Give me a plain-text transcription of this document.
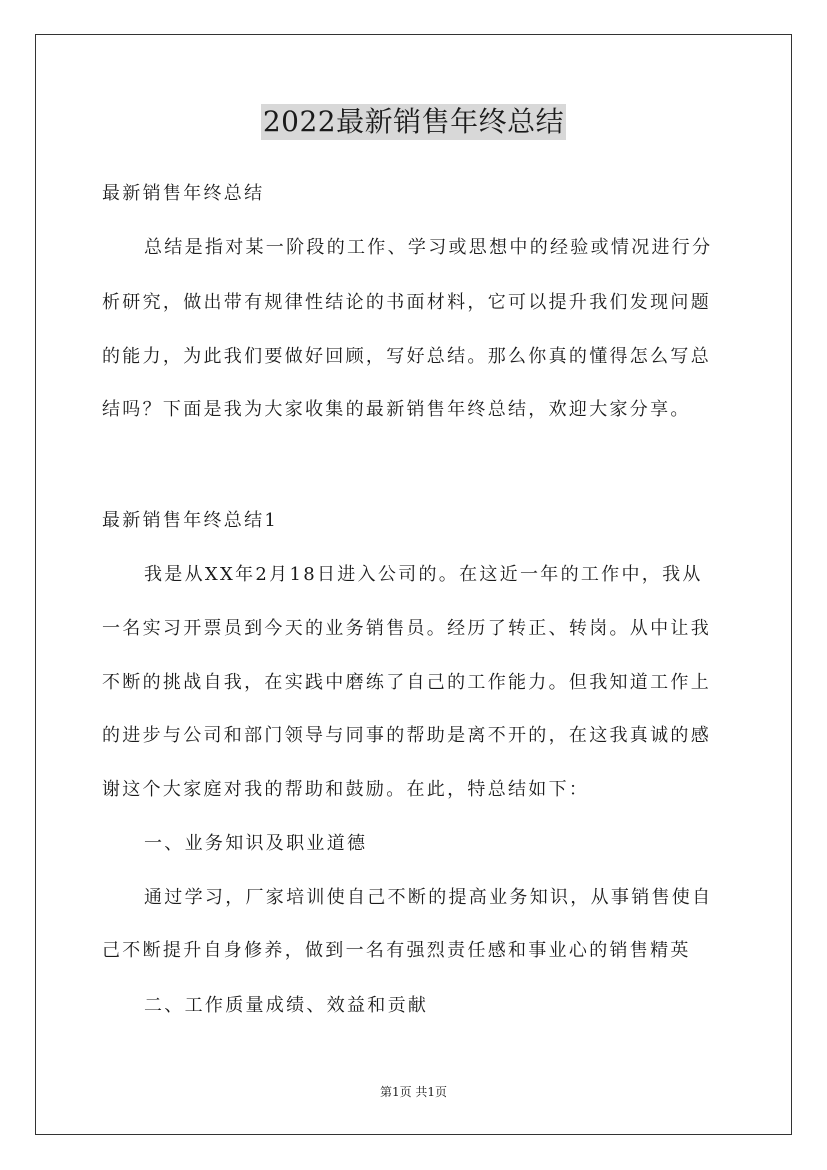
2022最新销售年终总结
最新销售年终总结
总结是指对某一阶段的工作、学习或思想中的经验或情况进行分
析研究，做出带有规律性结论的书面材料，它可以提升我们发现问题
的能力，为此我们要做好回顾，写好总结。那么你真的懂得怎么写总
结吗？下面是我为大家收集的最新销售年终总结，欢迎大家分享。
最新销售年终总结1
我是从XX年2月18日进入公司的。在这近一年的工作中，我从
一名实习开票员到今天的业务销售员。经历了转正、转岗。从中让我
不断的挑战自我，在实践中磨练了自己的工作能力。但我知道工作上
的进步与公司和部门领导与同事的帮助是离不开的，在这我真诚的感
谢这个大家庭对我的帮助和鼓励。在此，特总结如下：
一、业务知识及职业道德
通过学习，厂家培训使自己不断的提高业务知识，从事销售使自
己不断提升自身修养，做到一名有强烈责任感和事业心的销售精英
二、工作质量成绩、效益和贡献
第1页 共1页
